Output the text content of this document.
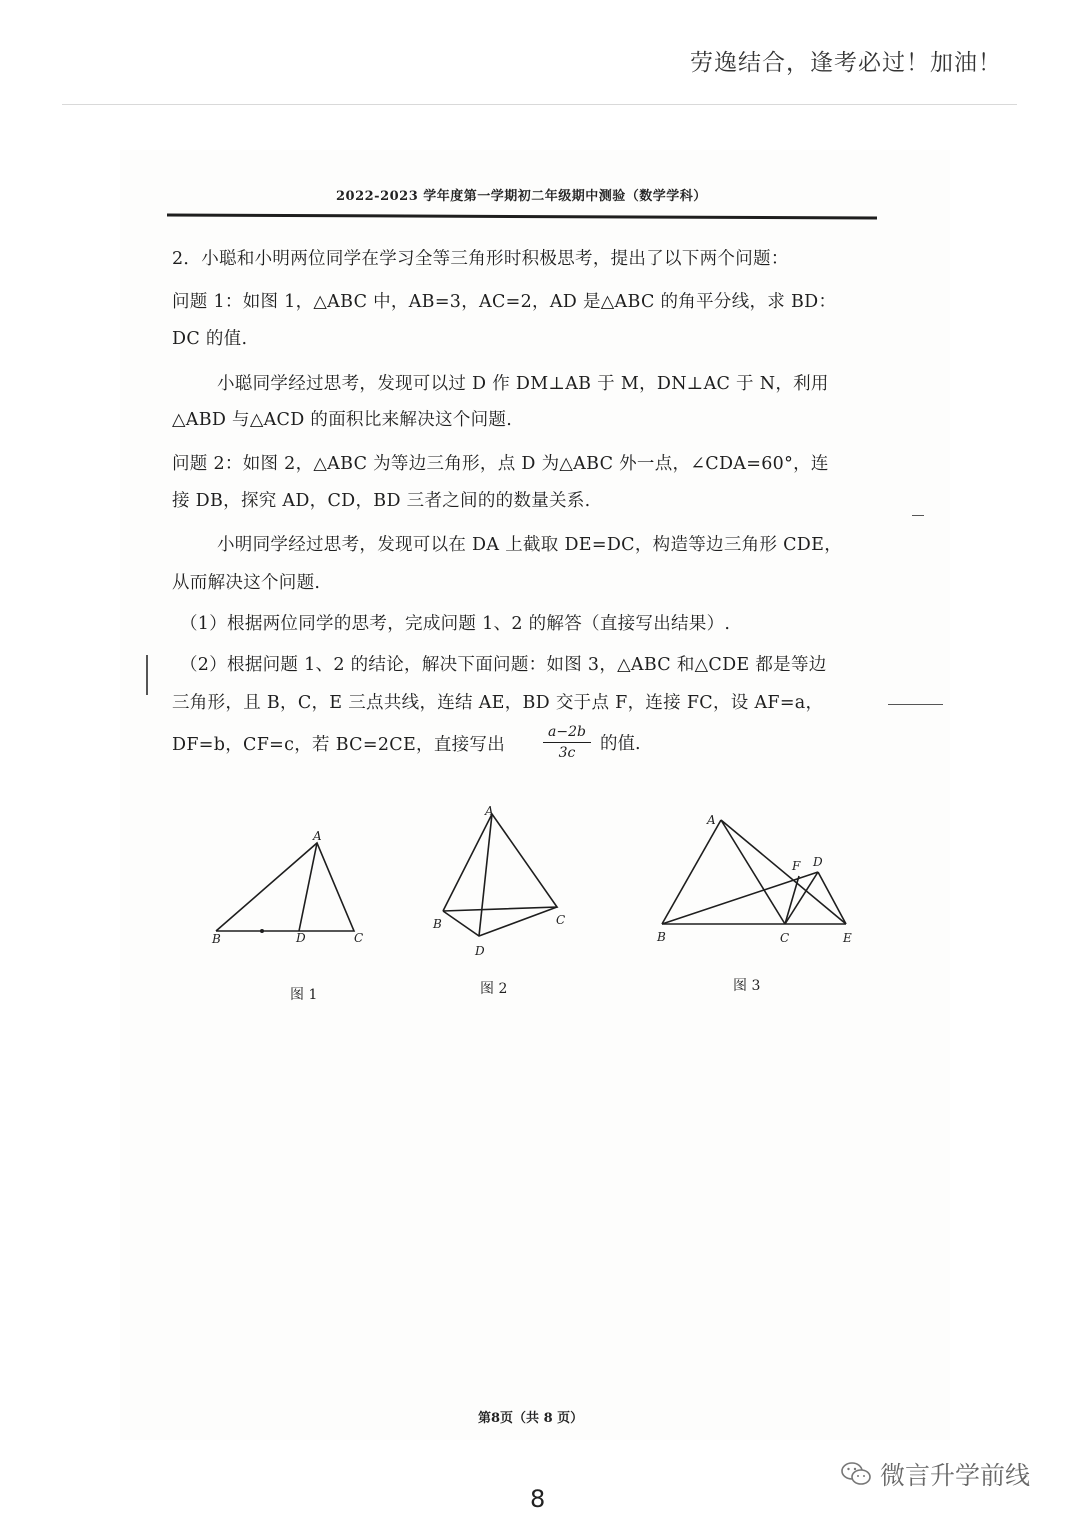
劳逸结合，逢考必过！加油！
2022-2023 学年度第一学期初二年级期中测验（数学学科）
2．小聪和小明两位同学在学习全等三角形时积极思考，提出了以下两个问题：
问题 1：如图 1，△ABC 中，AB=3，AC=2，AD 是△ABC 的角平分线，求 BD：
DC 的值.
小聪同学经过思考，发现可以过 D 作 DM⊥AB 于 M，DN⊥AC 于 N，利用
△ABD 与△ACD 的面积比来解决这个问题.
问题 2：如图 2，△ABC 为等边三角形，点 D 为△ABC 外一点，∠CDA=60°，连
接 DB，探究 AD，CD，BD 三者之间的的数量关系.
小明同学经过思考，发现可以在 DA 上截取 DE=DC，构造等边三角形 CDE，
从而解决这个问题.
（1）根据两位同学的思考，完成问题 1、2 的解答（直接写出结果）.
（2）根据问题 1、2 的结论，解决下面问题：如图 3，△ABC 和△CDE 都是等边
三角形，且 B，C，E 三点共线，连结 AE，BD 交于点 F，连接 FC，设 AF=a，
DF=b，CF=c，若 BC=2CE，直接写出
a−2b
3c	的值.
A
B	D	C
A
B	C
D
A
F D
B	C	E
图 1	图 2	图 3
第8页（共 8 页）
微言升学前线
8
